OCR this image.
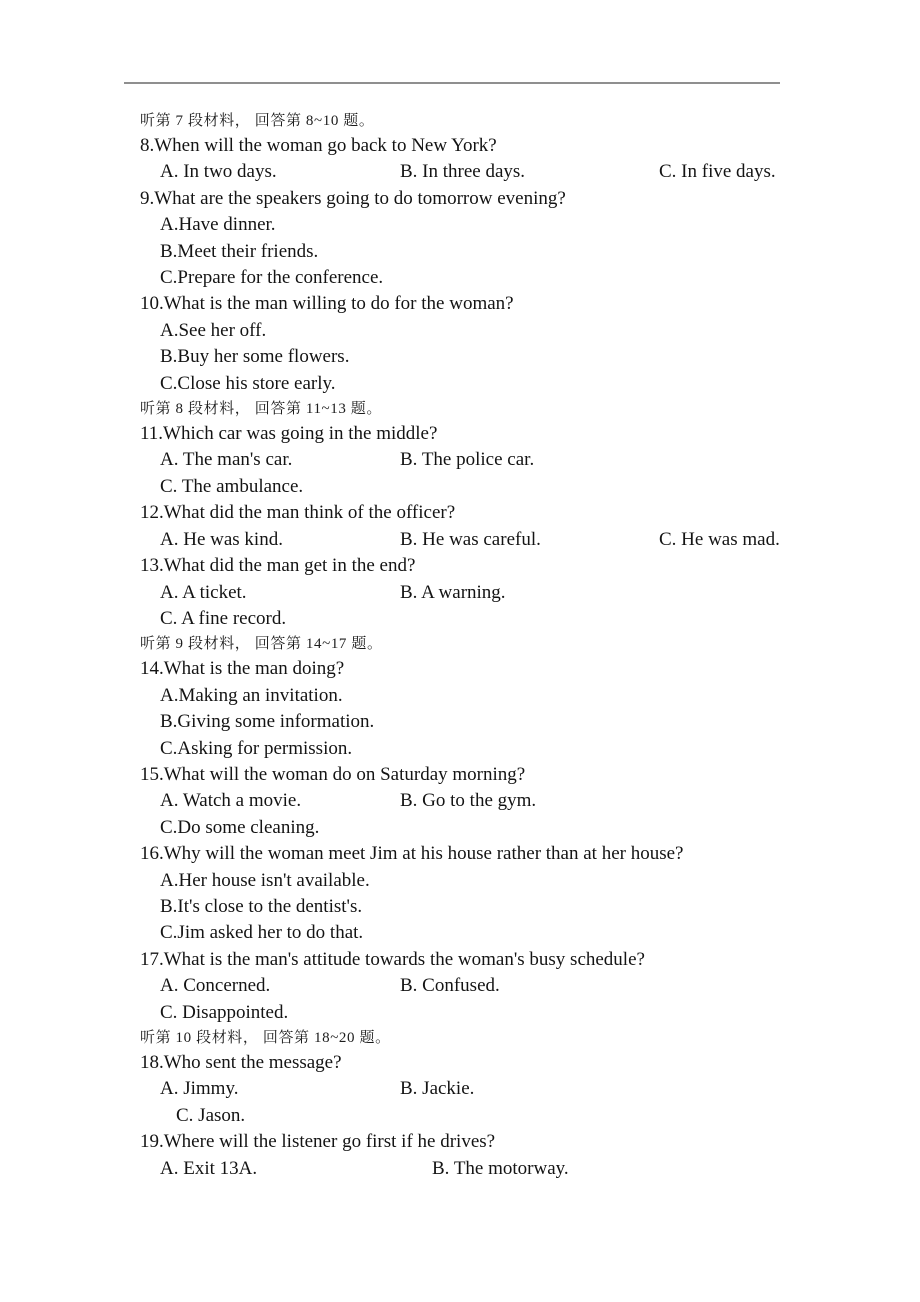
听第 7 段材料， 回答第 8~10 题。
8.When will the woman go back to New York?
A. In two days.	B. In three days.	C. In five days.
9.What are the speakers going to do tomorrow evening?
A.Have dinner.
B.Meet their friends.
C.Prepare for the conference.
10.What is the man willing to do for the woman?
A.See her off.
B.Buy her some flowers.
C.Close his store early.
听第 8 段材料， 回答第 11~13 题。
11.Which car was going in the middle?
A. The man's car.	B. The police car.
C. The ambulance.
12.What did the man think of the officer?
A. He was kind.	B. He was careful.	C. He was mad.
13.What did the man get in the end?
A. A ticket.	B. A warning.
C. A fine record.
听第 9 段材料， 回答第 14~17 题。
14.What is the man doing?
A.Making an invitation.
B.Giving some information.
C.Asking for permission.
15.What will the woman do on Saturday morning?
A. Watch a movie.	B. Go to the gym.
C.Do some cleaning.
16.Why will the woman meet Jim at his house rather than at her house?
A.Her house isn't available.
B.It's close to the dentist's.
C.Jim asked her to do that.
17.What is the man's attitude towards the woman's busy schedule?
A. Concerned.	B. Confused.
C. Disappointed.
听第 10 段材料， 回答第 18~20 题。
18.Who sent the message?
A. Jimmy.	B. Jackie.
C. Jason.
19.Where will the listener go first if he drives?
A. Exit 13A.	B. The motorway.
